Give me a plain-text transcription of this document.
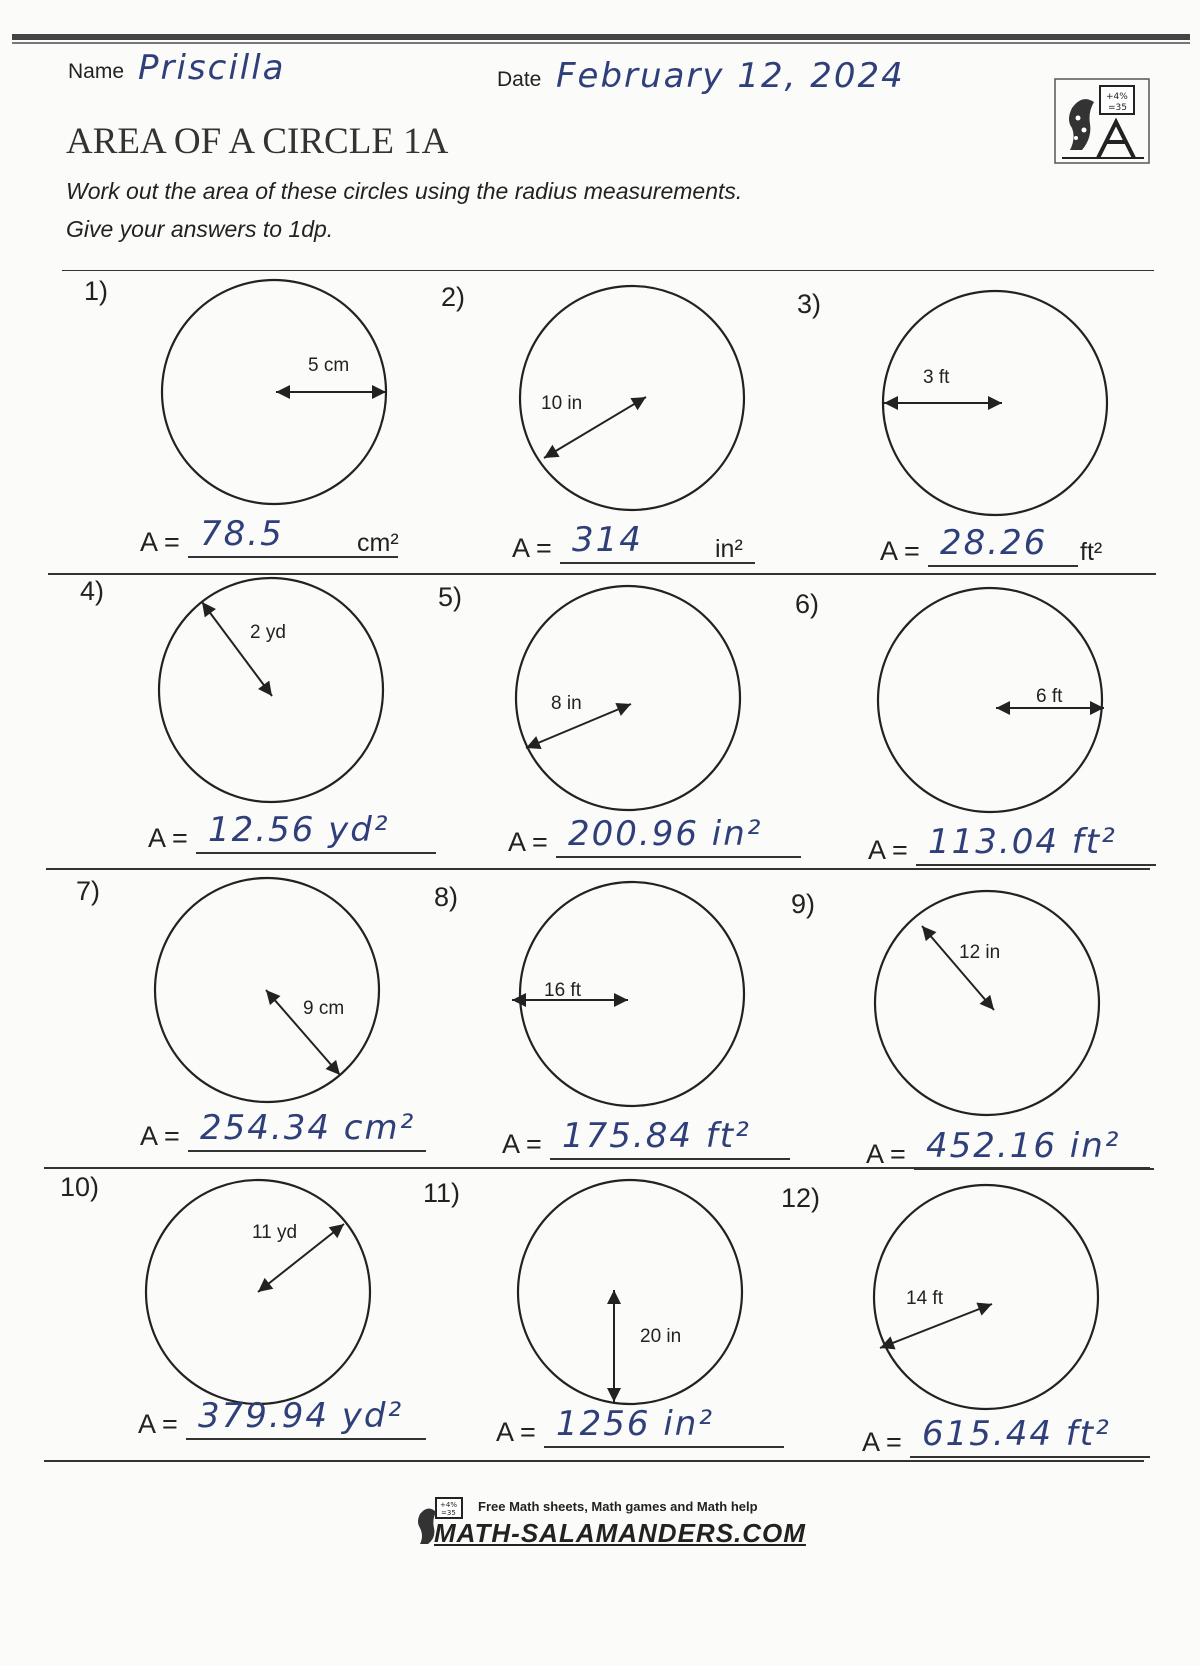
Name Priscilla	Date February 12, 2024
AREA OF A CIRCLE 1A
Work out the area of these circles using the radius measurements.
Give your answers to 1dp.
+4%
=35
1)
5 cm
A = 78.5	cm²
2)
10 in
A = 314	in²
3)
3 ft
A = 28.26 ft²
4)
2 yd
A = 12.56 yd²
5)
8 in
A = 200.96 in²
6)
6 ft
A = 113.04 ft²
7)
9 cm
A = 254.34 cm²
8)
16 ft
A = 175.84 ft²
9)
12 in
A = 452.16 in²
10)
11 yd
A = 379.94 yd²
11)
20 in
A = 1256 in²
12)
14 ft
A = 615.44 ft²
+4%
=35 Free Math sheets, Math games and Math help
MATH-SALAMANDERS.COM
